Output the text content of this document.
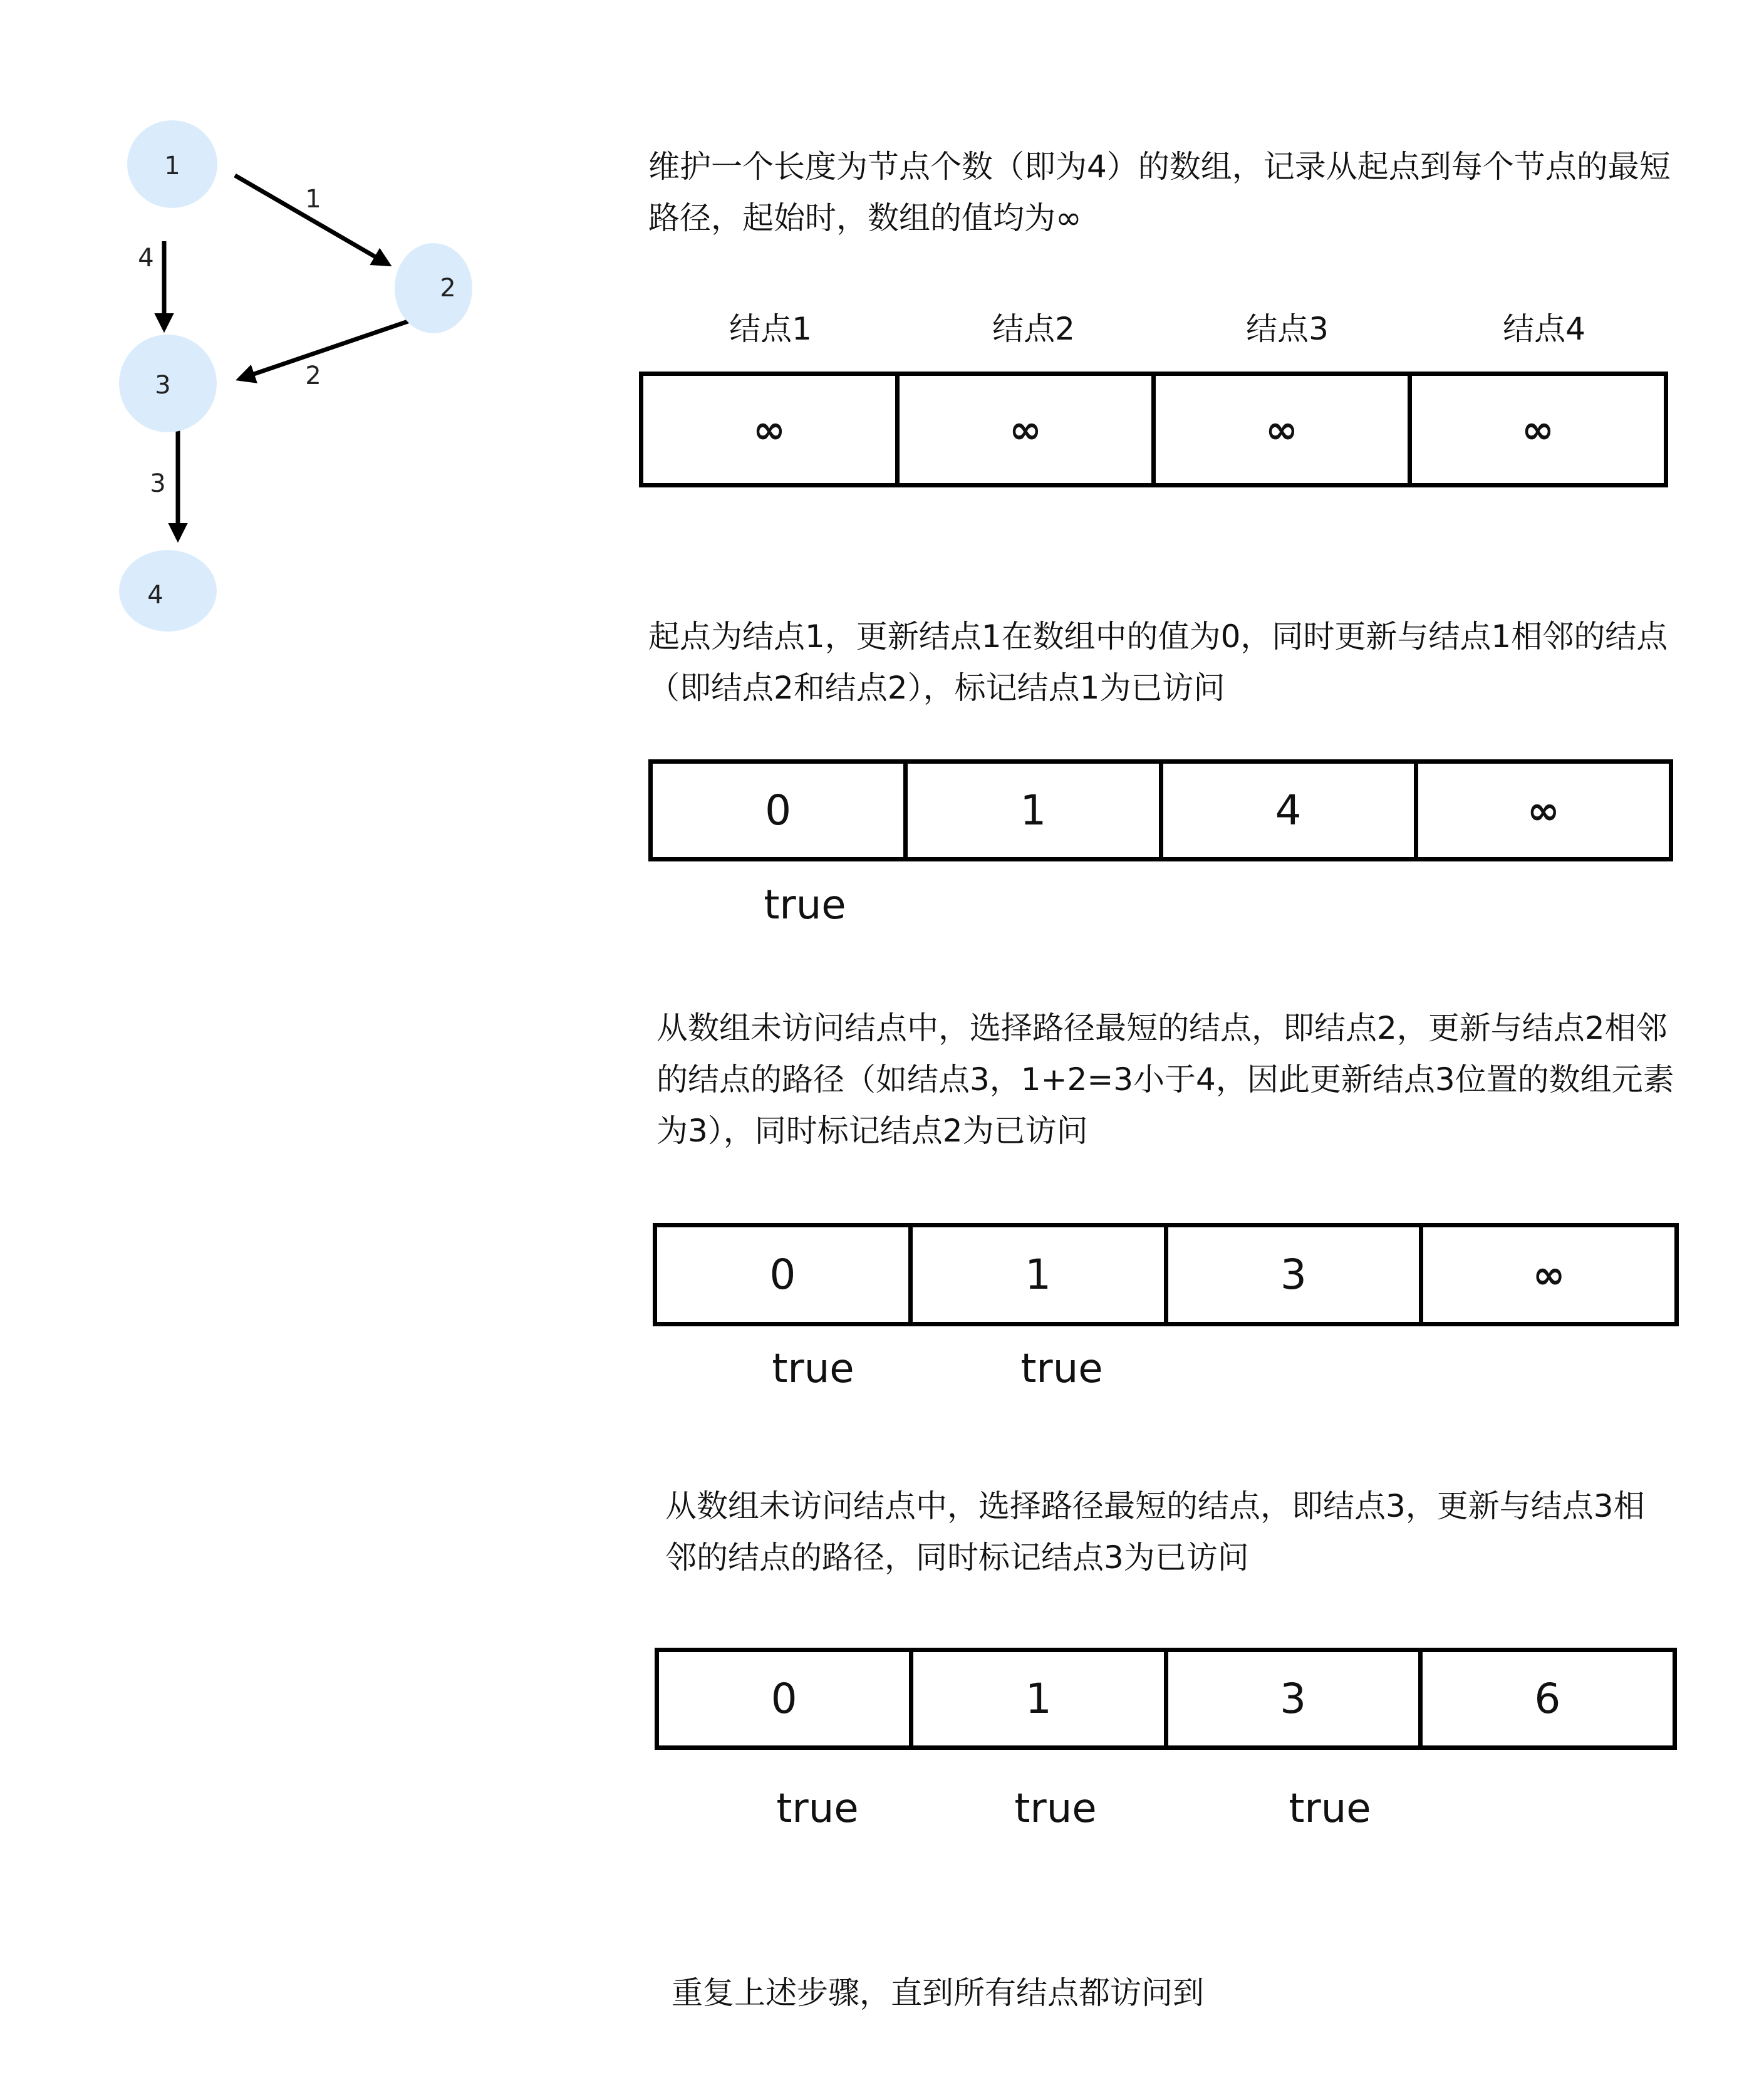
1
4
2
3
1
2
3
4

维护一个长度为节点个数（即为4）的数组，记录从起点到每个节点的最短路径，起始时，数组的值均为∞

结点1	结点2	结点3	结点4
∞	∞	∞	∞

起点为结点1，更新结点1在数组中的值为0，同时更新与结点1相邻的结点（即结点2和结点2），标记结点1为已访问

0	1	4	∞
true

从数组未访问结点中，选择路径最短的结点，即结点2，更新与结点2相邻的结点的路径（如结点3，1+2=3小于4，因此更新结点3位置的数组元素为3），同时标记结点2为已访问

0	1	3	∞
true	true

从数组未访问结点中，选择路径最短的结点，即结点3，更新与结点3相邻的结点的路径，同时标记结点3为已访问

0	1	3	6
true	true	true

重复上述步骤，直到所有结点都访问到
